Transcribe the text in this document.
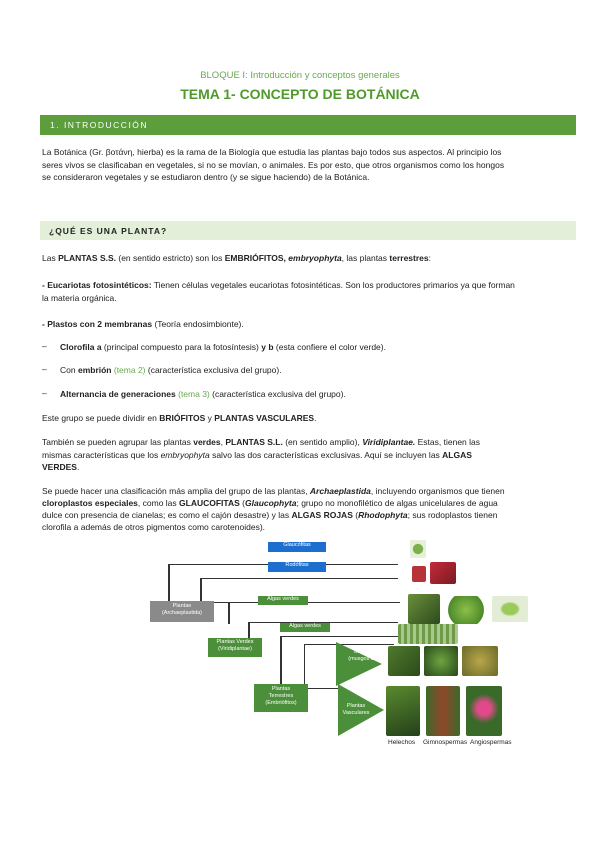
BLOQUE I: Introducción y conceptos generales
TEMA 1- CONCEPTO DE BOTÁNICA
1. INTRODUCCIÓN
La Botánica (Gr. βοτάνη, hierba) es la rama de la Biología que estudia las plantas bajo todos sus aspectos. Al principio los
seres vivos se clasificaban en vegetales, si no se movían, o animales. Es por esto, que otros organismos como los hongos
se consideraron vegetales y se estudiaron dentro (y se sigue haciendo) de la Botánica.
¿QUÉ ES UNA PLANTA?
Las PLANTAS S.S. (en sentido estricto) son los EMBRIÓFITOS, embryophyta, las plantas terrestres:
- Eucariotas fotosintéticos: Tienen células vegetales eucariotas fotosintéticas. Son los productores primarios ya que forman
la materia orgánica.
- Plastos con 2 membranas (Teoría endosimbionte).
– Clorofila a (principal compuesto para la fotosíntesis) y b (esta confiere el color verde).
– Con embrión (tema 2) (característica exclusiva del grupo).
– Alternancia de generaciones (tema 3) (característica exclusiva del grupo).
Este grupo se puede dividir en BRIÓFITOS y PLANTAS VASCULARES.
También se pueden agrupar las plantas verdes, PLANTAS S.L. (en sentido amplio), Viridiplantae. Estas, tienen las
mismas características que los embryophyta salvo las dos características exclusivas. Aquí se incluyen las ALGAS
VERDES.
Se puede hacer una clasificación más amplia del grupo de las plantas, Archaeplastida, incluyendo organismos que tienen
cloroplastos especiales, como las GLAUCOFITAS (Glaucophyta; grupo no monofilético de algas unicelulares de agua
dulce con presencia de cianelas; es como el cajón desastre) y las ALGAS ROJAS (Rhodophyta; sus rodoplastos tienen
clorofila a además de otros pigmentos como carotenoides).
Glaucófitas
Rodófitas
Plantae
(Archaeplastida)
Algas verdes
Algas verdes
Plantas Verdes
(Viridiplantae)
Plantas
Terrestres
(Embriófitos)
Briófitos
(musgos s.l.)
Plantas
Vasculares
Helechos Gimnospermas Angiospermas
